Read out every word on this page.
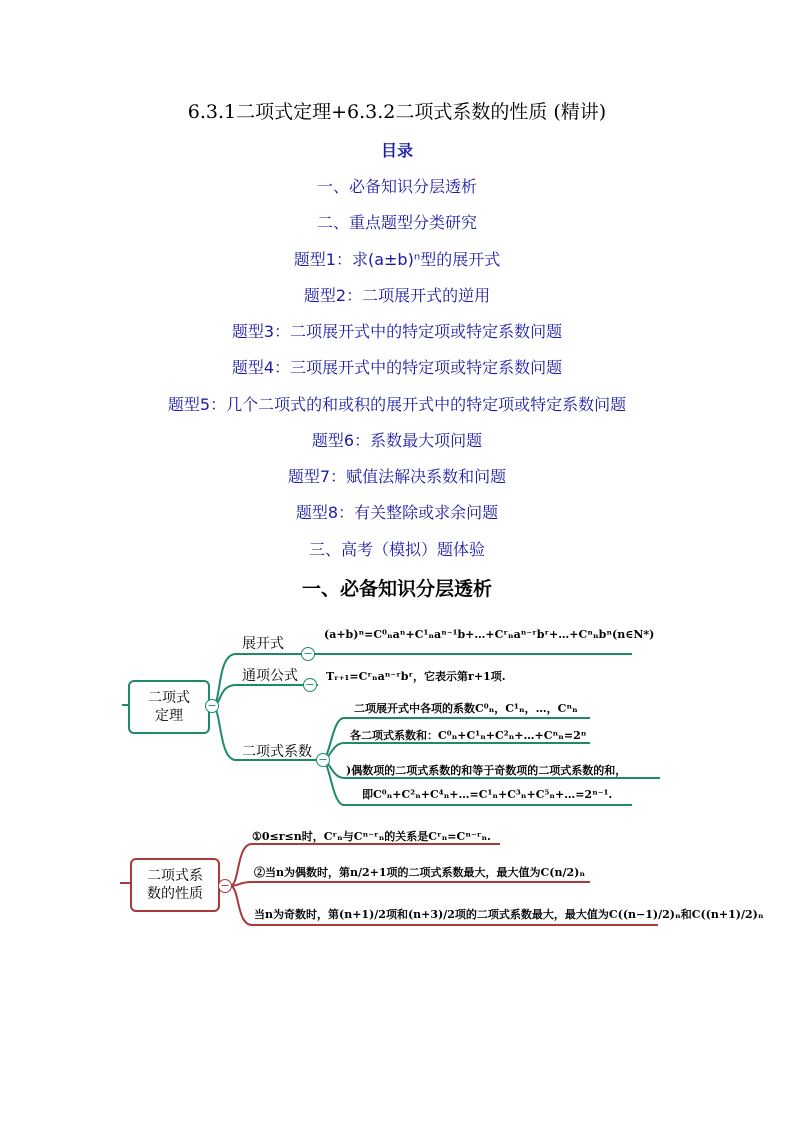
6.3.1二项式定理+6.3.2二项式系数的性质 (精讲)
目录
一、必备知识分层透析
二、重点题型分类研究
题型1：求(a±b)ⁿ型的展开式
题型2：二项展开式的逆用
题型3：二项展开式中的特定项或特定系数问题
题型4：三项展开式中的特定项或特定系数问题
题型5：几个二项式的和或积的展开式中的特定项或特定系数问题
题型6：系数最大项问题
题型7：赋值法解决系数和问题
题型8：有关整除或求余问题
三、高考（模拟）题体验
一、必备知识分层透析
二项式
定理
−
展开式
−
(a+b)ⁿ=C⁰ₙaⁿ+C¹ₙaⁿ⁻¹b+…+Cʳₙaⁿ⁻ʳbʳ+…+Cⁿₙbⁿ(n∈N*)
通项公式
−
Tᵣ₊₁=Cʳₙaⁿ⁻ʳbʳ，它表示第r+1项.
二项式系数 −
二项展开式中各项的系数C⁰ₙ，C¹ₙ，…，Cⁿₙ
各二项式系数和：C⁰ₙ+C¹ₙ+C²ₙ+…+Cⁿₙ=2ⁿ
)偶数项的二项式系数的和等于奇数项的二项式系数的和，
即C⁰ₙ+C²ₙ+C⁴ₙ+…=C¹ₙ+C³ₙ+C⁵ₙ+…=2ⁿ⁻¹.
二项式系
数的性质
−
①0≤r≤n时，Cʳₙ与Cⁿ⁻ʳₙ的关系是Cʳₙ=Cⁿ⁻ʳₙ.
②当n为偶数时，第n/2+1项的二项式系数最大，最大值为C(n/2)ₙ
当n为奇数时，第(n+1)/2项和(n+3)/2项的二项式系数最大，最大值为C((n−1)/2)ₙ和C((n+1)/2)ₙ
